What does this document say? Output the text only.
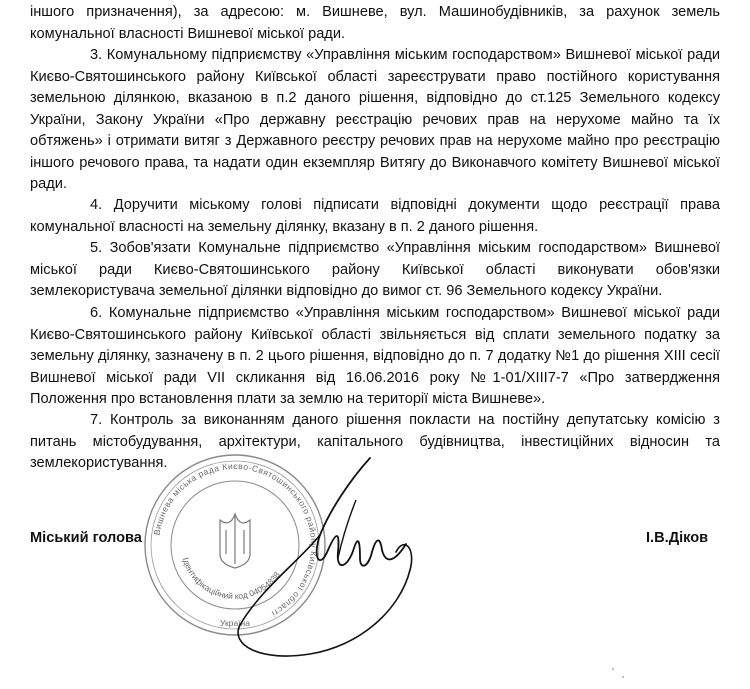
іншого призначення), за адресою: м. Вишневе, вул. Машинобудівників, за рахунок земель комунальної власності Вишневої міської ради.

3. Комунальному підприємству «Управління міським господарством» Вишневої міської ради Києво-Святошинського району Київської області зареєструвати право постійного користування земельною ділянкою, вказаною в п.2 даного рішення, відповідно до ст.125 Земельного кодексу України, Закону України «Про державну реєстрацію речових прав на нерухоме майно та їх обтяжень» і отримати витяг з Державного реєстру речових прав на нерухоме майно про реєстрацію іншого речового права, та надати один екземпляр Витягу до Виконавчого комітету Вишневої міської ради.

4. Доручити міському голові підписати відповідні документи щодо реєстрації права комунальної власності на земельну ділянку, вказану в п. 2 даного рішення.

5. Зобов'язати Комунальне підприємство «Управління міським господарством» Вишневої міської ради Києво-Святошинського району Київської області виконувати обов'язки землекористувача земельної ділянки відповідно до вимог ст. 96 Земельного кодексу України.

6. Комунальне підприємство «Управління міським господарством» Вишневої міської ради Києво-Святошинського району Київської області звільняється від сплати земельного податку за земельну ділянку, зазначену в п. 2 цього рішення, відповідно до п. 7 додатку №1 до рішення XIII сесії Вишневої міської ради VII скликання від 16.06.2016 року №1-01/XIII7-7 «Про затвердження Положення про встановлення плати за землю на території міста Вишневе».

7. Контроль за виконанням даного рішення покласти на постійну депутатську комісію з питань містобудування, архітектури, капітального будівництва, інвестиційних відносин та землекористування.

Вишнева міська рада Києво-Святошинського району Київської області
Ідентифікаційний код 04054838
Україна
Міський голова	І.В.Діков
